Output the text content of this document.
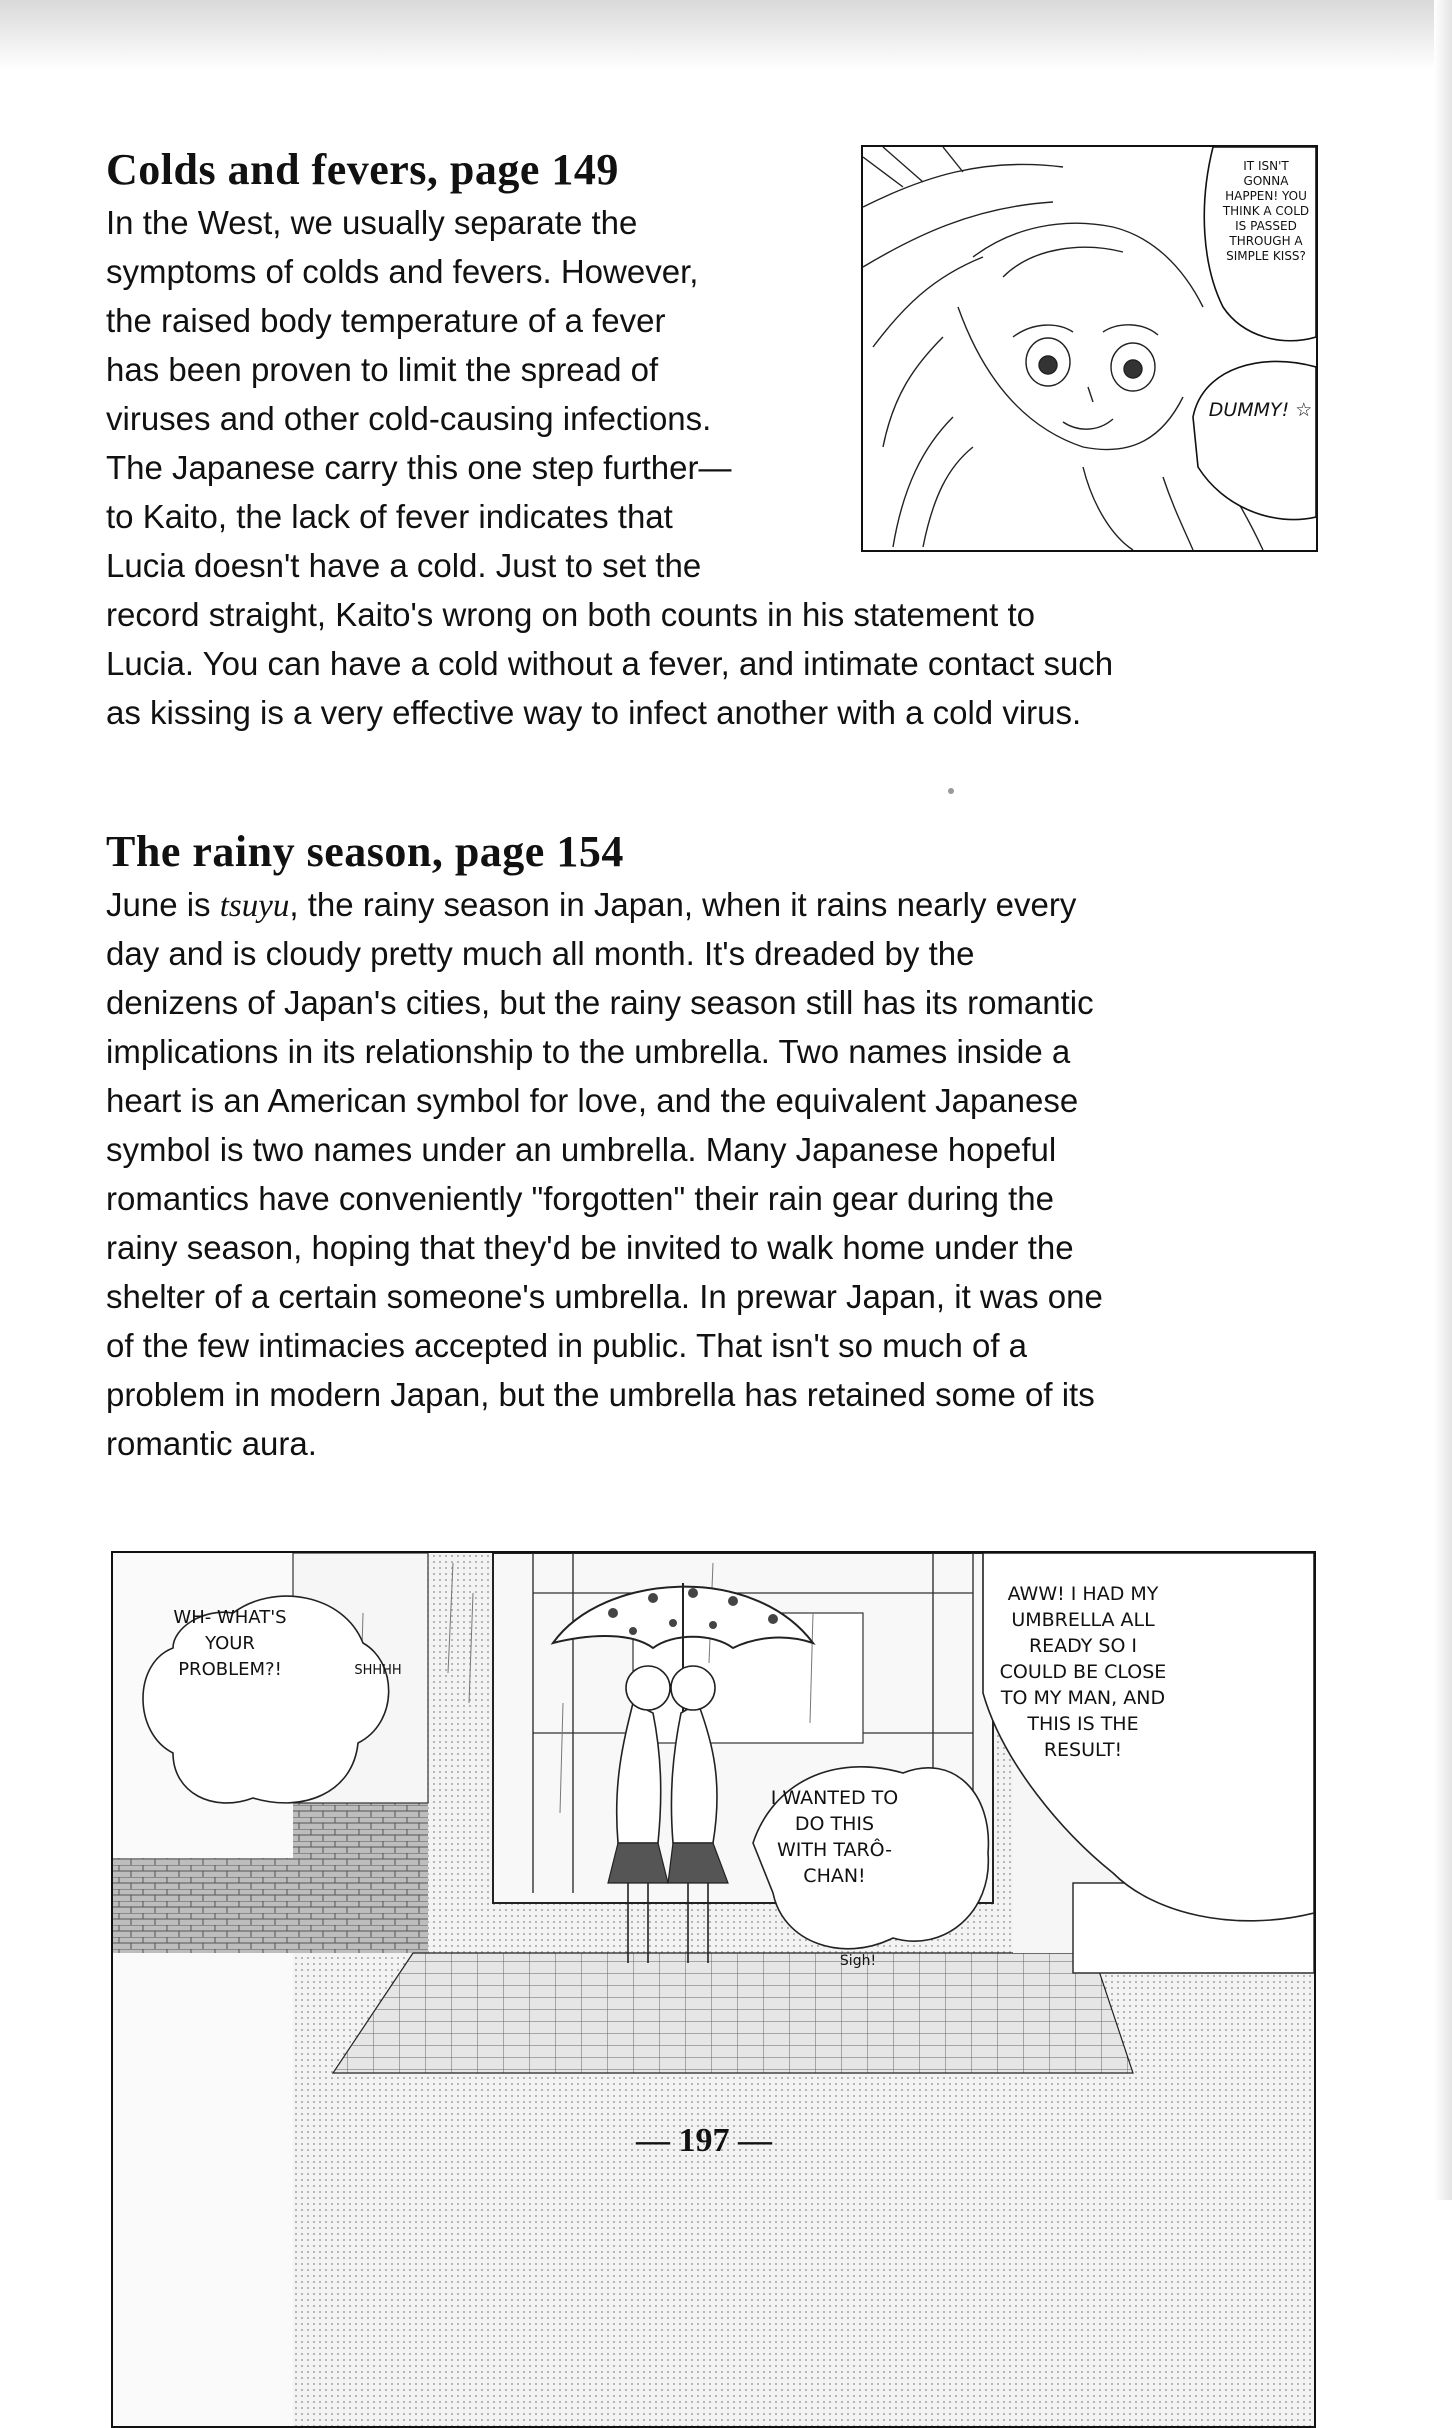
Colds and fevers, page 149

In the West, we usually separate the

symptoms of colds and fevers. However,

the raised body temperature of a fever

has been proven to limit the spread of

viruses and other cold-causing infections.

The Japanese carry this one step further—

to Kaito, the lack of fever indicates that

Lucia doesn't have a cold. Just to set the

record straight, Kaito's wrong on both counts in his statement to

Lucia. You can have a cold without a fever, and intimate contact such

as kissing is a very effective way to infect another with a cold virus.

IT ISN'T GONNA HAPPEN! YOU THINK A COLD IS PASSED THROUGH A SIMPLE KISS?
DUMMY! ☆
The rainy season, page 154

June is tsuyu, the rainy season in Japan, when it rains nearly every

day and is cloudy pretty much all month. It's dreaded by the

denizens of Japan's cities, but the rainy season still has its romantic

implications in its relationship to the umbrella. Two names inside a

heart is an American symbol for love, and the equivalent Japanese

symbol is two names under an umbrella. Many Japanese hopeful

romantics have conveniently "forgotten" their rain gear during the

rainy season, hoping that they'd be invited to walk home under the

shelter of a certain someone's umbrella. In prewar Japan, it was one

of the few intimacies accepted in public. That isn't so much of a

problem in modern Japan, but the umbrella has retained some of its

romantic aura.

WH- WHAT'S YOUR PROBLEM?!	SHHHH
I WANTED TO DO THIS WITH TARÔ-CHAN!
AWW! I HAD MY UMBRELLA ALL READY SO I COULD BE CLOSE TO MY MAN, AND THIS IS THE RESULT!
Sigh!
— 197 —
